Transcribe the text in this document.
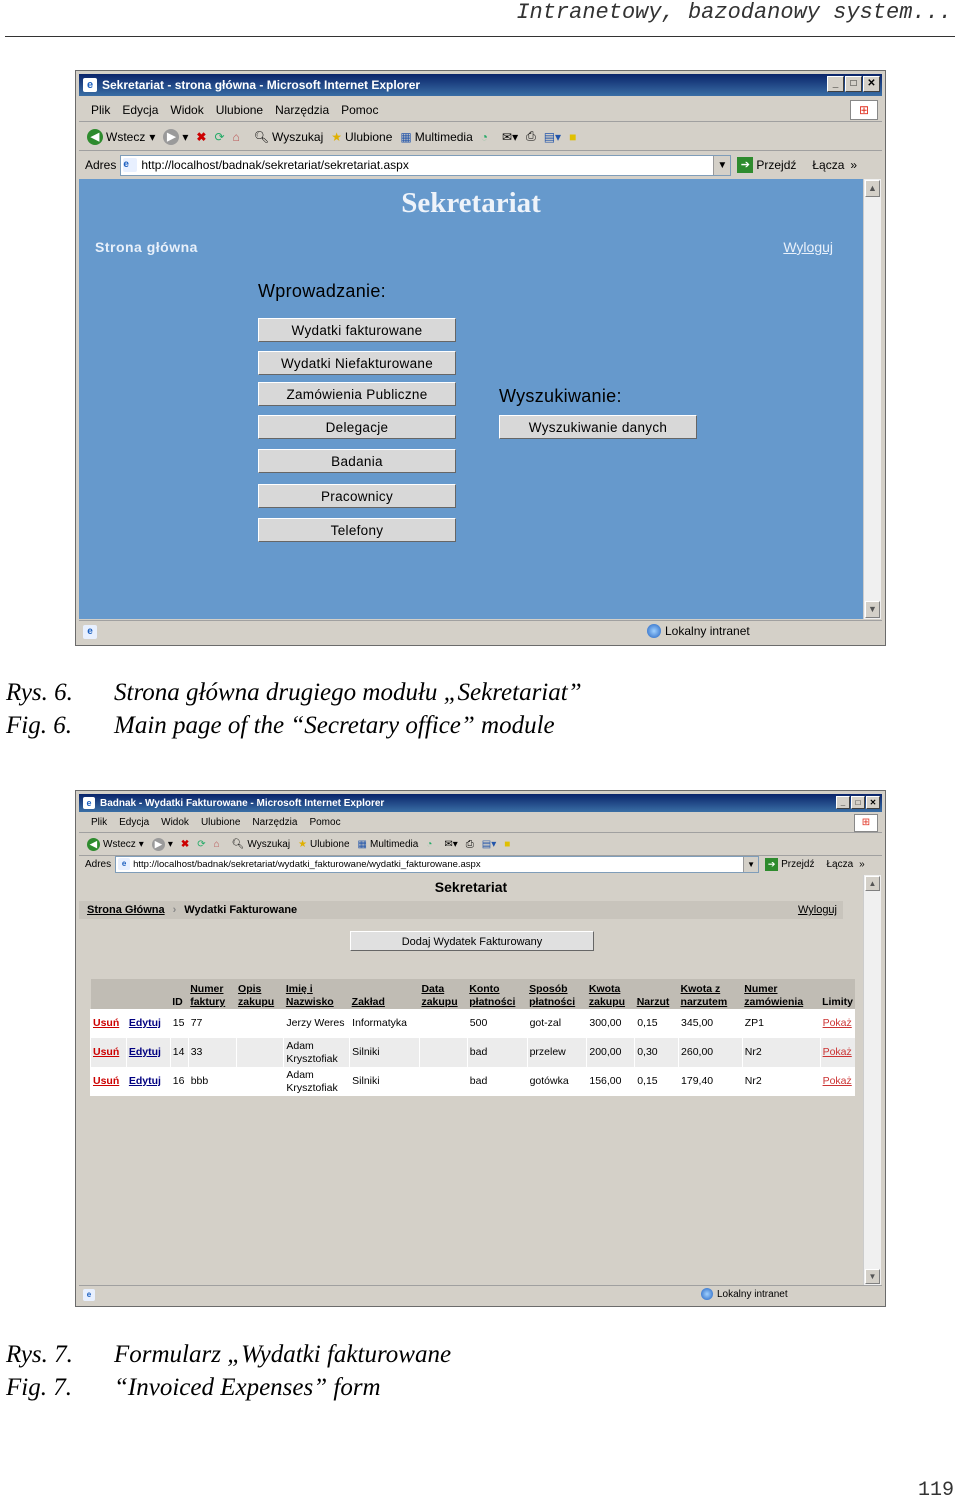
Intranetowy, bazodanowy system...
e Sekretariat - strona główna - Microsoft Internet Explorer	_	□	✕
Plik Edycja Widok Ulubione Narzędzia Pomoc	⊞
◀ Wstecz ▾	▶ ▾ ✖ ⟳ ⌂ 🔍︎ Wyszukaj ★ Ulubione ▦ Multimedia ◔ ✉▾ ⎙ ▤▾ ■
Adres e	http://localhost/badnak/sekretariat/sekretariat.aspx	▼	➔ Przejdź Łącza »
Sekretariat
Strona główna	Wyloguj
Wprowadzanie:
Wydatki fakturowane
Wydatki Niefakturowane
Zamówienia Publiczne
Delegacje
Badania
Pracownicy
Telefony
Wyszukiwanie:
Wyszukiwanie danych
▲
▼
e	Lokalny intranet
Rys. 6. Strona główna drugiego modułu „Sekretariat”
Fig. 6. Main page of the “Secretary office” module
e Badnak - Wydatki Fakturowane - Microsoft Internet Explorer	_	□	✕
Plik Edycja Widok Ulubione Narzędzia Pomoc	⊞
◀ Wstecz ▾	▶ ▾ ✖ ⟳ ⌂ 🔍︎ Wyszukaj ★ Ulubione ▦ Multimedia ◔ ✉▾ ⎙ ▤▾ ■
Adres	e http://localhost/badnak/sekretariat/wydatki_fakturowane/wydatki_fakturowane.aspx	▼	➔ Przejdź Łącza »
Sekretariat
Strona Główna › Wydatki Fakturowane	Wyloguj
Dodaj Wydatek Fakturowany
		ID	Numer faktury	Opis zakupu	Imię i Nazwisko	Zakład	Data zakupu	Konto płatności	Sposób płatności	Kwota zakupu	Narzut	Kwota z narzutem	Numer zamówienia	Limity
Usuń	Edytuj	15	77		Jerzy Weres	Informatyka		500	got-zal	300,00	0,15	345,00	ZP1	Pokaż
Usuń	Edytuj	14	33		Adam Krysztofiak	Silniki		bad	przelew	200,00	0,30	260,00	Nr2	Pokaż
Usuń	Edytuj	16	bbb		Adam Krysztofiak	Silniki		bad	gotówka	156,00	0,15	179,40	Nr2	Pokaż
▲
▼
e	Lokalny intranet
Rys. 7. Formularz „Wydatki fakturowane
Fig. 7. “Invoiced Expenses” form
119
